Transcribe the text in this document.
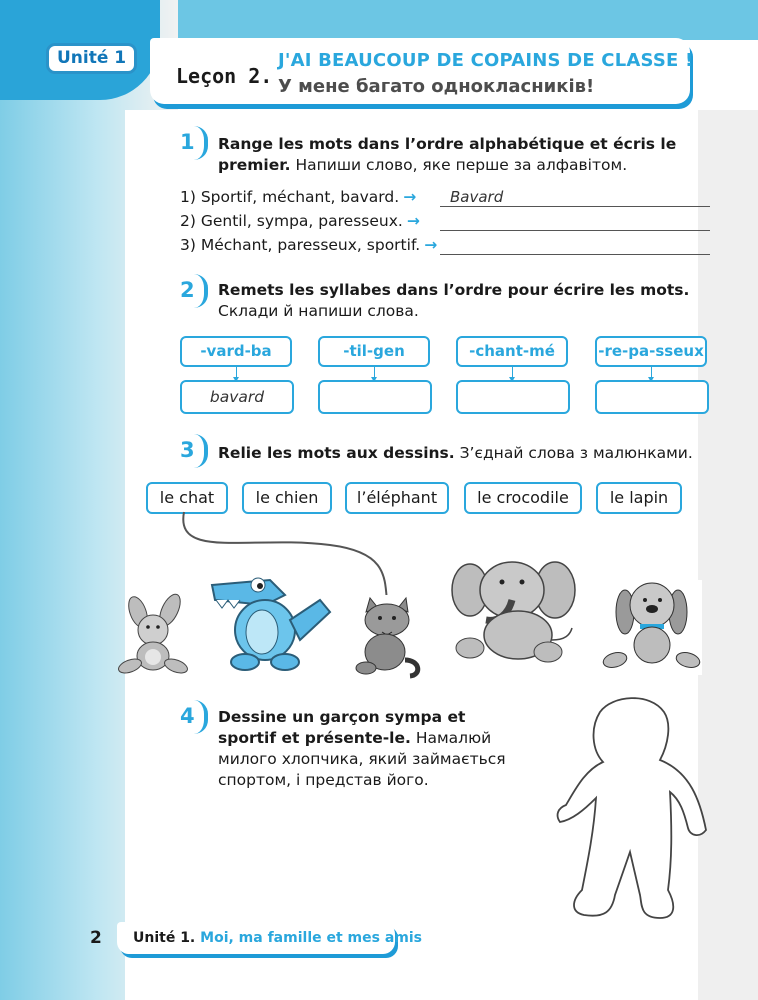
Unité 1
Leçon 2.
J'AI BEAUCOUP DE COPAINS DE CLASSE !
У мене багато однокласників!
1 Range les mots dans l’ordre alphabétique et écris le premier. Напиши слово, яке перше за алфавітом.
1) Sportif, méchant, bavard. → Bavard
2) Gentil, sympa, paresseux. →
3) Méchant, paresseux, sportif. →
2 Remets les syllabes dans l’ordre pour écrire les mots.
Склади й напиши слова.
-vard-ba	-til-gen	-chant-mé	-re-pa-sseux
bavard
3 Relie les mots aux dessins. З’єднай слова з малюнками.
le chat	le chien	l’éléphant	le crocodile	le lapin
4 Dessine un garçon sympa et sportif et présente-le. Намалюй милого хлопчика, який займається спортом, і представ його.
2 Unité 1. Moi, ma famille et mes amis
